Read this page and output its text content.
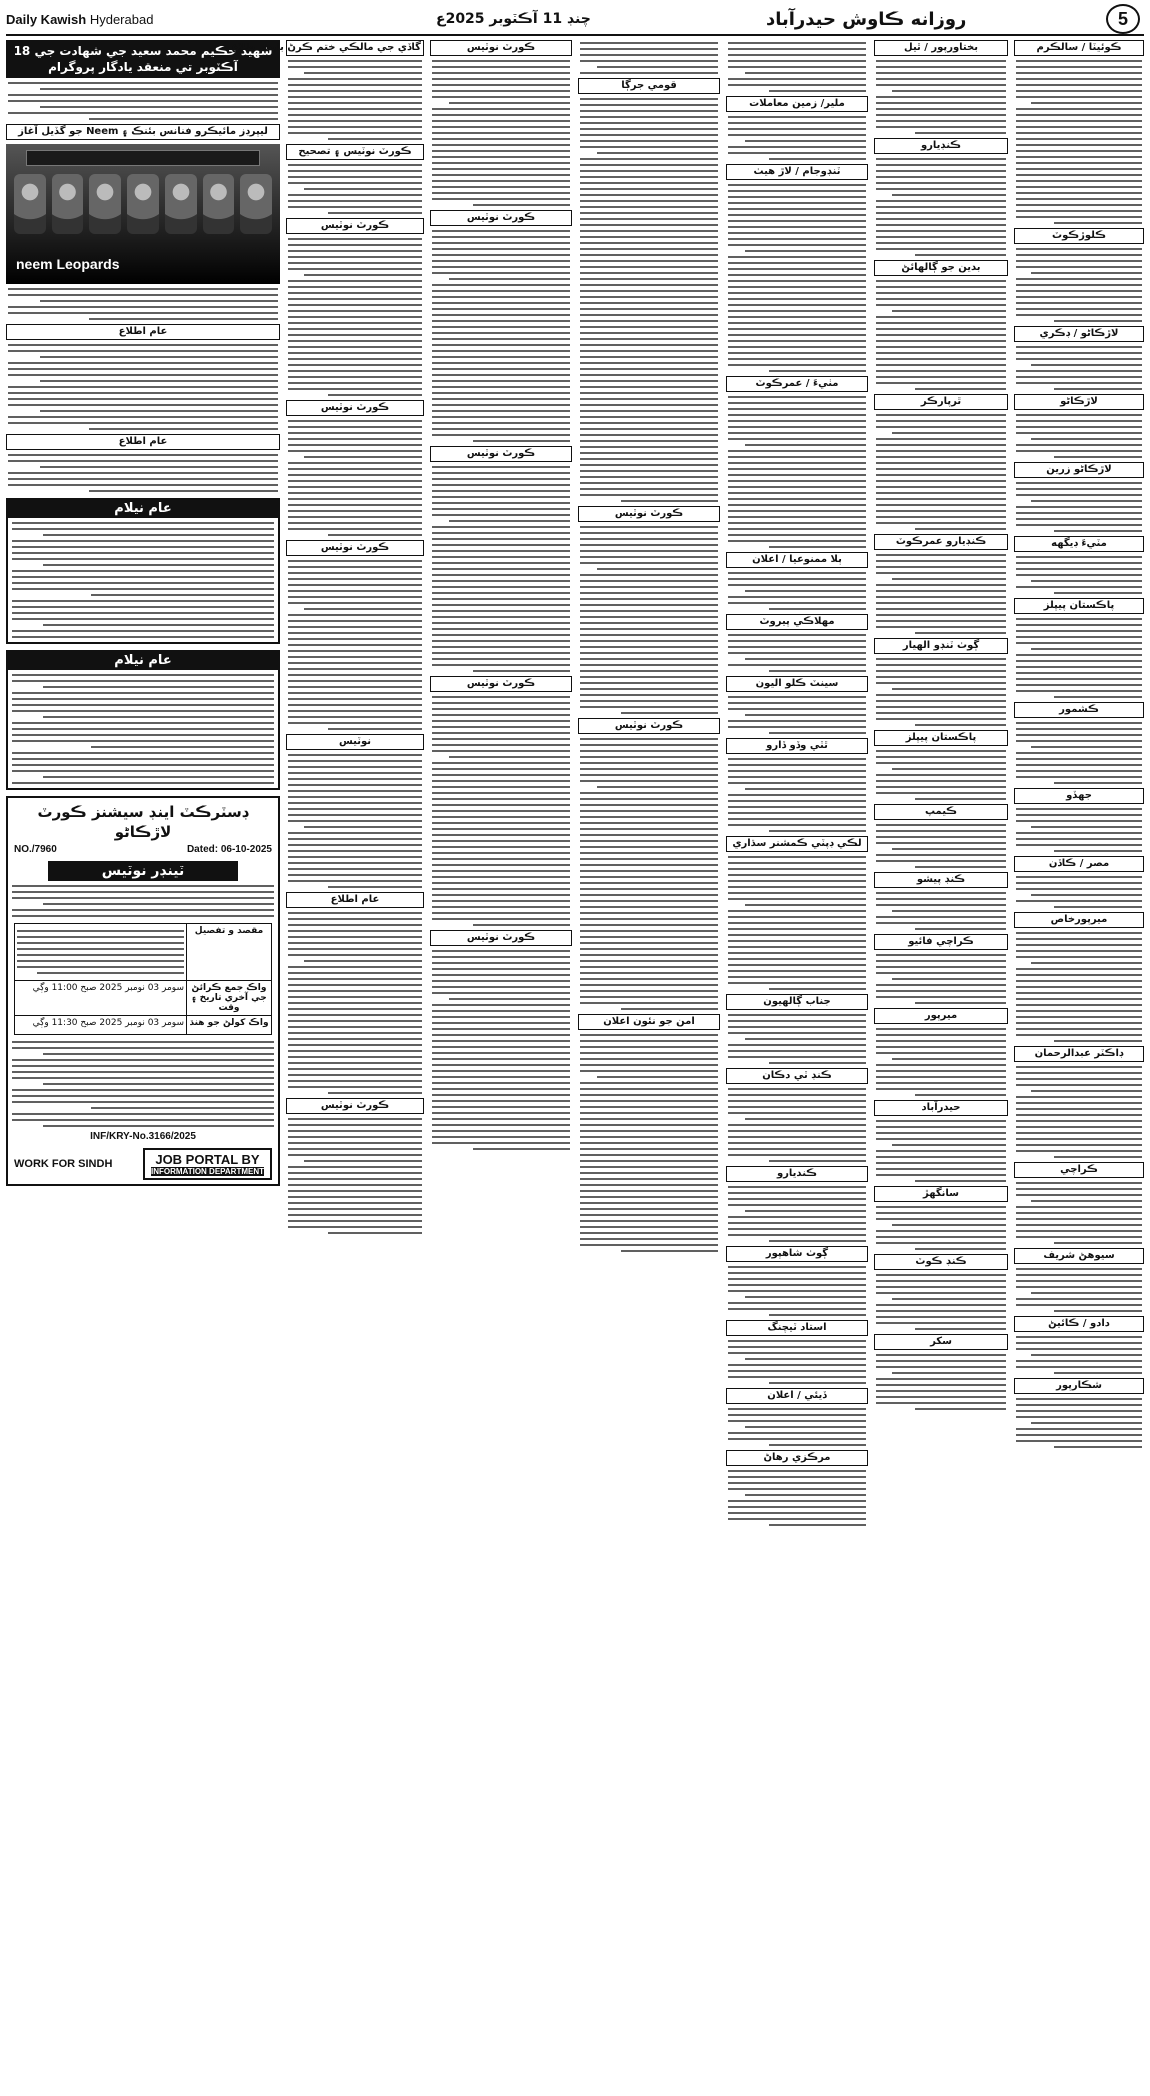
Daily Kawish Hyderabad	چنڊ 11 آڪٽوبر 2025ع	روزانه ڪاوش حيدرآباد	5
شهيد حڪيم محمد سعيد جي شهادت جي 18 آڪٽوبر تي منعقد يادگار پروگرام
ليپرڊز مائيڪرو فنانس بئنڪ ۽ Neem جو گڏيل آغاز
neem Leopards
عام اطلاع
عام اطلاع
عام نيلام
عام نيلام
ڊسٽرڪٽ اينڊ سيشنز ڪورٽ لاڙڪاڻو
NO./7960	Dated: 06-10-2025
ٽينڊر نوٽيس
مقصد و تفصيل
واڪ جمع ڪرائڻ جي آخري تاريخ ۽ وقت
سومر 03 نومبر 2025 صبح 11:00 وڳي
واڪ کولڻ جو هنڌ
سومر 03 نومبر 2025 صبح 11:30 وڳي
INF/KRY-No.3166/2025
WORK FOR SINDH	JOB PORTAL BY
INFORMATION DEPARTMENT
گاڏي جي مالڪي ختم ڪرڻ بابت اطلاع
ڪورٽ نوٽيس ۽ تصحيح
ڪورٽ نوٽيس
ڪورٽ نوٽيس
ڪورٽ نوٽيس
نوٽيس
عام اطلاع
ڪورٽ نوٽيس
ڪورٽ نوٽيس
ڪورٽ نوٽيس
ڪورٽ نوٽيس
ڪورٽ نوٽيس
ڪورٽ نوٽيس
قومي جرڳا
ڪورٽ نوٽيس
ڪورٽ نوٽيس
امن جو نئون اعلان
ملير/ زمين معاملات
ٽنڊوجام / لاڙ هيٺ
مٺيءَ / عمرڪوٽ
ٻلا ممنوعيا / اعلان
مهلاڪي پيروٽ
سينٽ ڪلو اليون
ٿٽي وڏو ڏارو
لڪي ڊپٽي ڪمشنر سڌاري
جناب ڳالهيون
ڪنڊ ٽي دڪان
ڪنديارو
ڳوٺ شاهپور
استاد ٽيچنگ
ڏيئي / اعلان
مرڪزي رهاڻ
بختاورپور / ٿيل
ڪنڊيارو
بدين جو ڳالهائڻ
ٿرپارڪر
ڪنڊيارو عمرڪوٽ
ڳوٺ ٽنڊو الهيار
پاڪستان پيپلز
ڪيمپ
ڪنڊ پيشو
ڪراچي فائيو
ميرپور
حيدرآباد
سانگھڙ
ڪنڊ ڪوٽ
سکر
ڪوئيٽا / سالڪرم
ڪلوڙڪوٽ
لاڙڪاڻو / ڊڪري
لاڙڪاڻو
لاڙڪاڻو زرين
مٽيءَ ڊيگهه
پاڪستان پيپلز
ڪشمور
جهڏو
مصر / ڪاڏن
ميرپورخاص
ڊاڪٽر عبدالرحمان
ڪراچي
سيوهڻ شريف
دادو / ڪائيڻ
شڪارپور
